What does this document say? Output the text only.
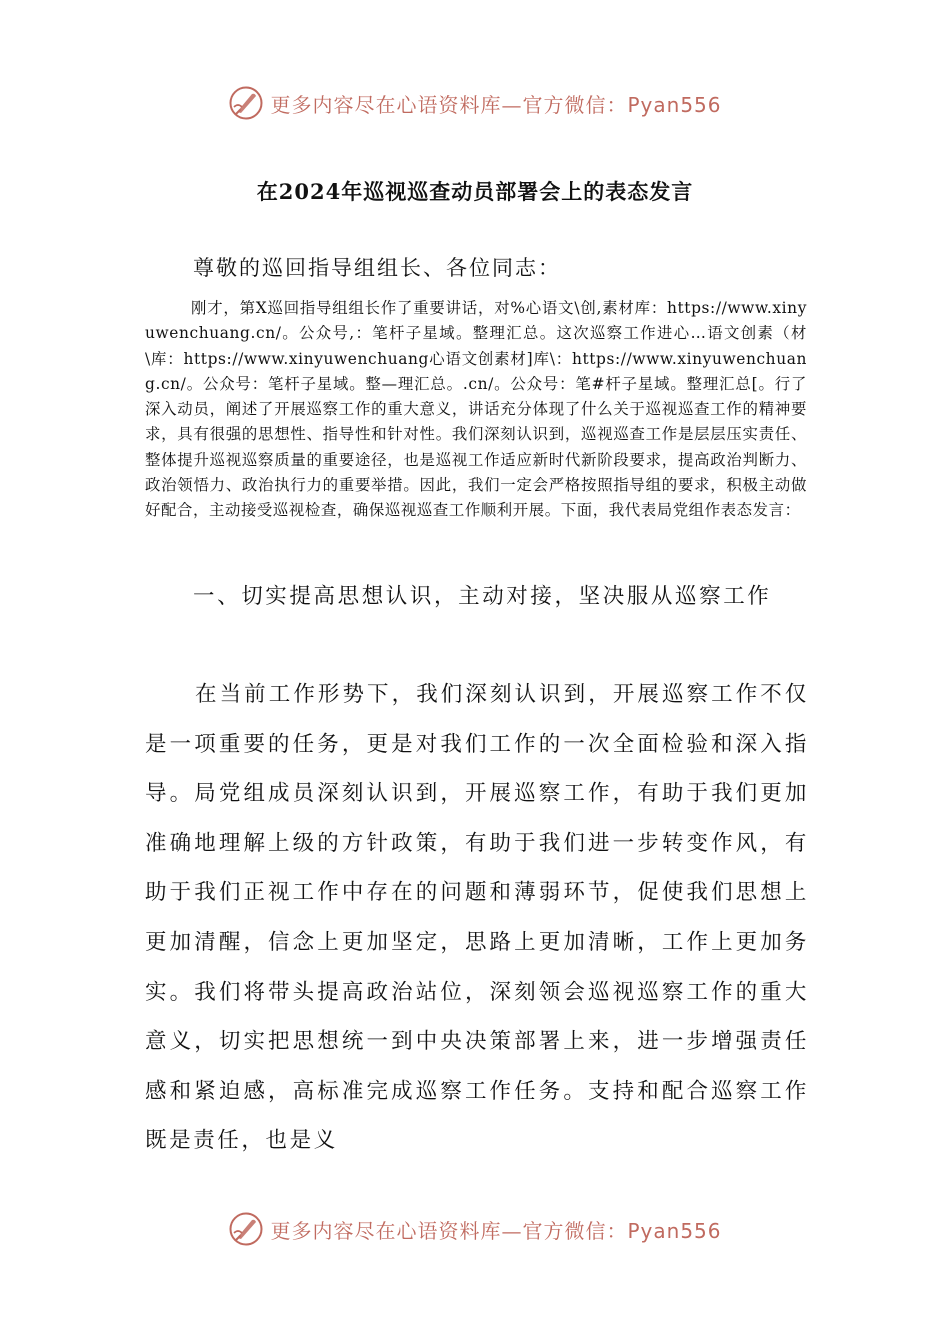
更多内容尽在心语资料库—官方微信：Pyan556
在2024年巡视巡查动员部署会上的表态发言

尊敬的巡回指导组组长、各位同志：

刚才，第X巡回指导组组长作了重要讲话，对%心语文\创,素材库：https://www.xinyuwenchuang.cn/。公众号,：笔杆子星域。整理汇总。这次巡察工作进心…语文创素（材\库：https://www.xinyuwenchuang心语文创素材]库\：https://www.xinyuwenchuang.cn/。公众号：笔杆子星域。整—理汇总。.cn/。公众号：笔#杆子星域。整理汇总[。行了深入动员，阐述了开展巡察工作的重大意义，讲话充分体现了什么关于巡视巡查工作的精神要求，具有很强的思想性、指导性和针对性。我们深刻认识到，巡视巡查工作是层层压实责任、整体提升巡视巡察质量的重要途径，也是巡视工作适应新时代新阶段要求，提高政治判断力、政治领悟力、政治执行力的重要举措。因此，我们一定会严格按照指导组的要求，积极主动做好配合，主动接受巡视检查，确保巡视巡查工作顺利开展。下面，我代表局党组作表态发言：

一、切实提高思想认识，主动对接，坚决服从巡察工作

在当前工作形势下，我们深刻认识到，开展巡察工作不仅是一项重要的任务，更是对我们工作的一次全面检验和深入指导。局党组成员深刻认识到，开展巡察工作，有助于我们更加准确地理解上级的方针政策，有助于我们进一步转变作风，有助于我们正视工作中存在的问题和薄弱环节，促使我们思想上更加清醒，信念上更加坚定，思路上更加清晰，工作上更加务实。我们将带头提高政治站位，深刻领会巡视巡察工作的重大意义，切实把思想统一到中央决策部署上来，进一步增强责任感和紧迫感，高标准完成巡察工作任务。支持和配合巡察工作既是责任，也是义

更多内容尽在心语资料库—官方微信：Pyan556
